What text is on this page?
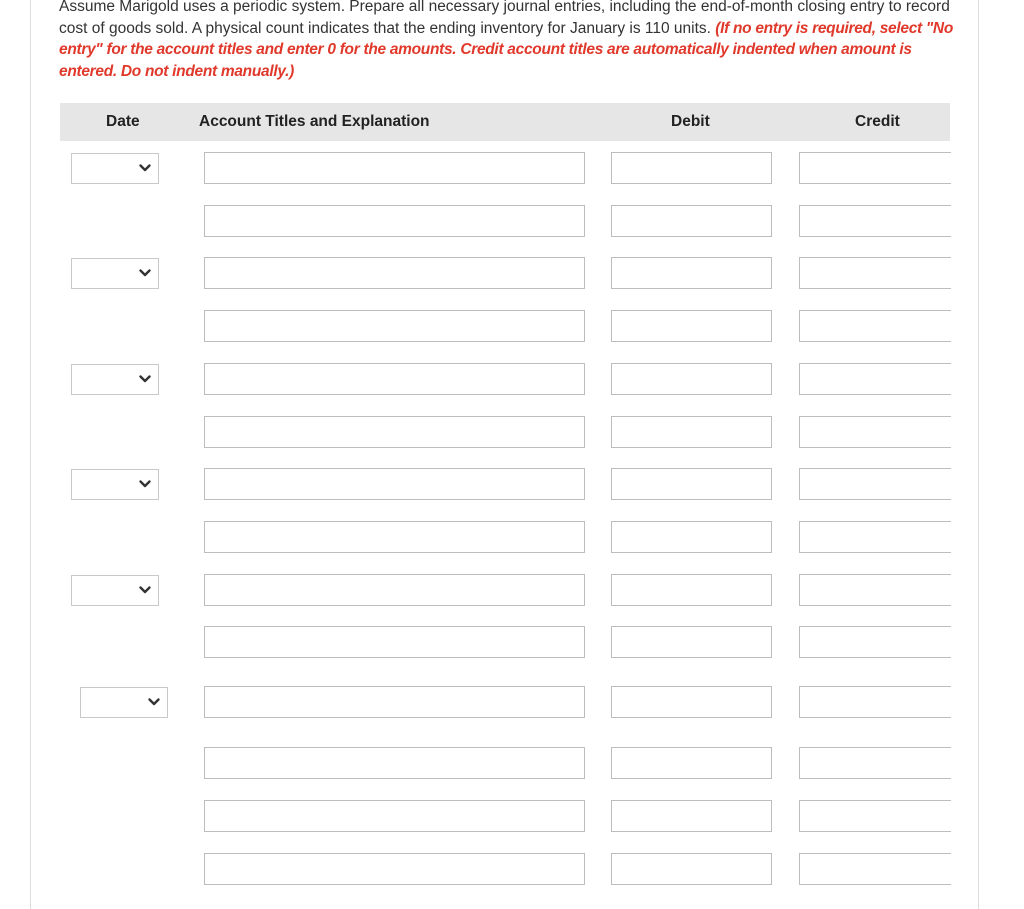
Assume Marigold uses a periodic system. Prepare all necessary journal entries, including the end-of-month closing entry to record cost of goods sold. A physical count indicates that the ending inventory for January is 110 units. (If no entry is required, select "No entry" for the account titles and enter 0 for the amounts. Credit account titles are automatically indented when amount is entered. Do not indent manually.)
Date	Account Titles and Explanation	Debit	Credit
